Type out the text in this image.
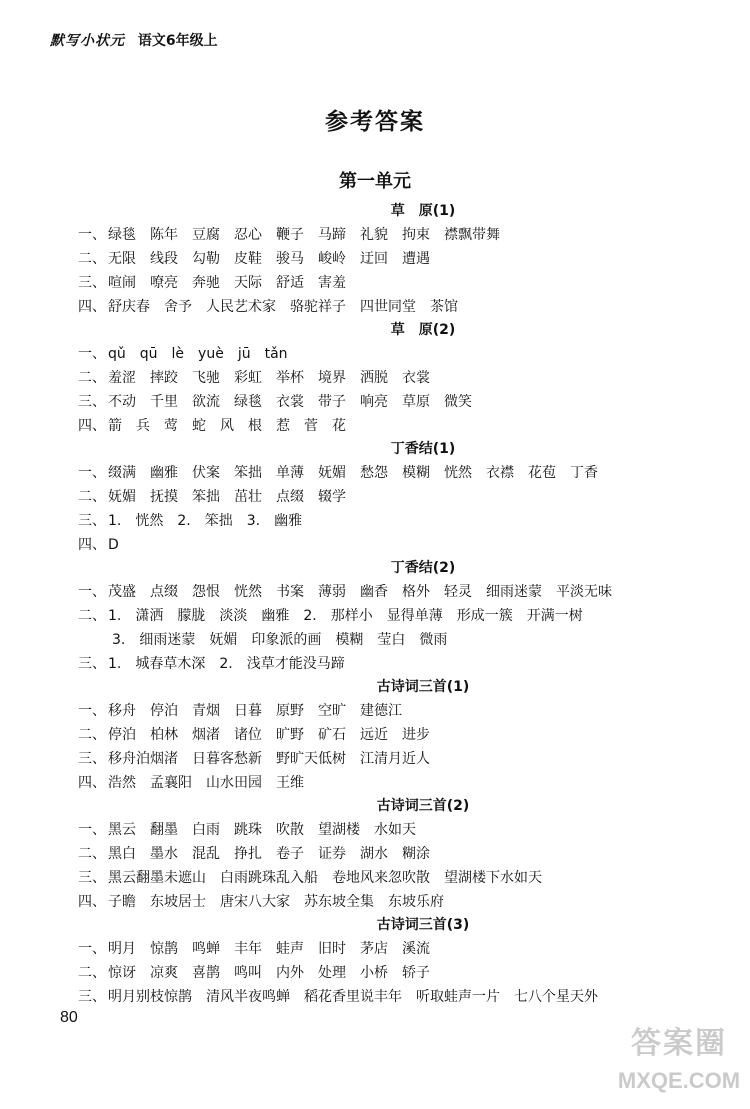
默写小状元 语文6年级上
参考答案
第一单元
草　原(1)
一、 绿毯 陈年 豆腐 忍心 鞭子 马蹄 礼貌 拘束 襟飘带舞
二、 无限 线段 勾勒 皮鞋 骏马 峻岭 迂回 遭遇
三、 喧闹 嘹亮 奔驰 天际 舒适 害羞
四、 舒庆春 舍予 人民艺术家 骆驼祥子 四世同堂 茶馆
草　原(2)
一、 qǔ qū lè yuè jū tǎn
二、 羞涩 摔跤 飞驰 彩虹 举杯 境界 洒脱 衣裳
三、 不动 千里 欲流 绿毯 衣裳 带子 响亮 草原 微笑
四、 箭 兵 莺 蛇 风 根 惹 菅 花
丁香结(1)
一、 缀满 幽雅 伏案 笨拙 单薄 妩媚 愁怨 模糊 恍然 衣襟 花苞 丁香
二、 妩媚 抚摸 笨拙 茁壮 点缀 辍学
三、 1. 恍然 2. 笨拙 3. 幽雅
四、 D
丁香结(2)
一、 茂盛 点缀 怨恨 恍然 书案 薄弱 幽香 格外 轻灵 细雨迷蒙 平淡无味
二、 1. 潇洒 朦胧 淡淡 幽雅 2. 那样小 显得单薄 形成一簇 开满一树
3. 细雨迷蒙 妩媚 印象派的画 模糊 莹白 微雨
三、 1. 城春草木深 2. 浅草才能没马蹄
古诗词三首(1)
一、 移舟 停泊 青烟 日暮 原野 空旷 建德江
二、 停泊 柏林 烟渚 诸位 旷野 矿石 远近 进步
三、 移舟泊烟渚 日暮客愁新 野旷天低树 江清月近人
四、 浩然 孟襄阳 山水田园 王维
古诗词三首(2)
一、 黑云 翻墨 白雨 跳珠 吹散 望湖楼 水如天
二、 黑白 墨水 混乱 挣扎 卷子 证券 湖水 糊涂
三、 黑云翻墨未遮山 白雨跳珠乱入船 卷地风来忽吹散 望湖楼下水如天
四、 子瞻 东坡居士 唐宋八大家 苏东坡全集 东坡乐府
古诗词三首(3)
一、 明月 惊鹊 鸣蝉 丰年 蛙声 旧时 茅店 溪流
二、 惊讶 凉爽 喜鹊 鸣叫 内外 处理 小桥 轿子
三、 明月别枝惊鹊 清风半夜鸣蝉 稻花香里说丰年 听取蛙声一片 七八个星天外
80
答案圈
MXQE.COM
